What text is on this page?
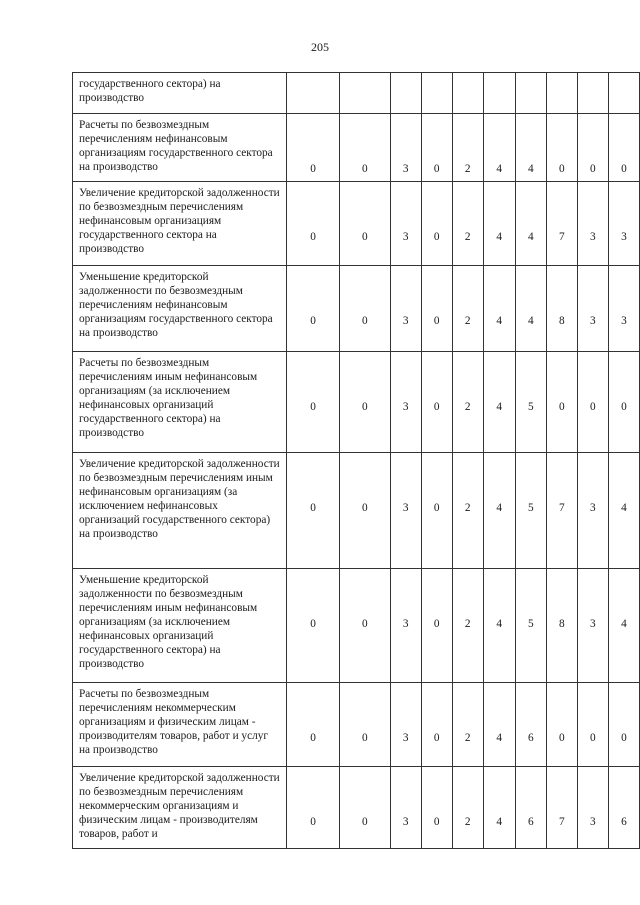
205
государственного сектора) на производство										
Расчеты по безвозмездным перечислениям нефинансовым организациям государственного сектора на производство	0	0	3	0	2	4	4	0	0	0
Увеличение кредиторской задолженности по безвозмездным перечислениям нефинансовым организациям государственного сектора на производство	0	0	3	0	2	4	4	7	3	3
Уменьшение кредиторской задолженности по безвозмездным перечислениям нефинансовым организациям государственного сектора на производство	0	0	3	0	2	4	4	8	3	3
Расчеты по безвозмездным перечислениям иным нефинансовым организациям (за исключением нефинансовых организаций государственного сектора) на производство	0	0	3	0	2	4	5	0	0	0
Увеличение кредиторской задолженности по безвозмездным перечислениям иным нефинансовым организациям (за исключением нефинансовых организаций государственного сектора) на производство	0	0	3	0	2	4	5	7	3	4
Уменьшение кредиторской задолженности по безвозмездным перечислениям иным нефинансовым организациям (за исключением нефинансовых организаций государственного сектора) на производство	0	0	3	0	2	4	5	8	3	4
Расчеты по безвозмездным перечислениям некоммерческим организациям и физическим лицам - производителям товаров, работ и услуг на производство	0	0	3	0	2	4	6	0	0	0
Увеличение кредиторской задолженности по безвозмездным перечислениям некоммерческим организациям и физическим лицам - производителям товаров, работ и	0	0	3	0	2	4	6	7	3	6
